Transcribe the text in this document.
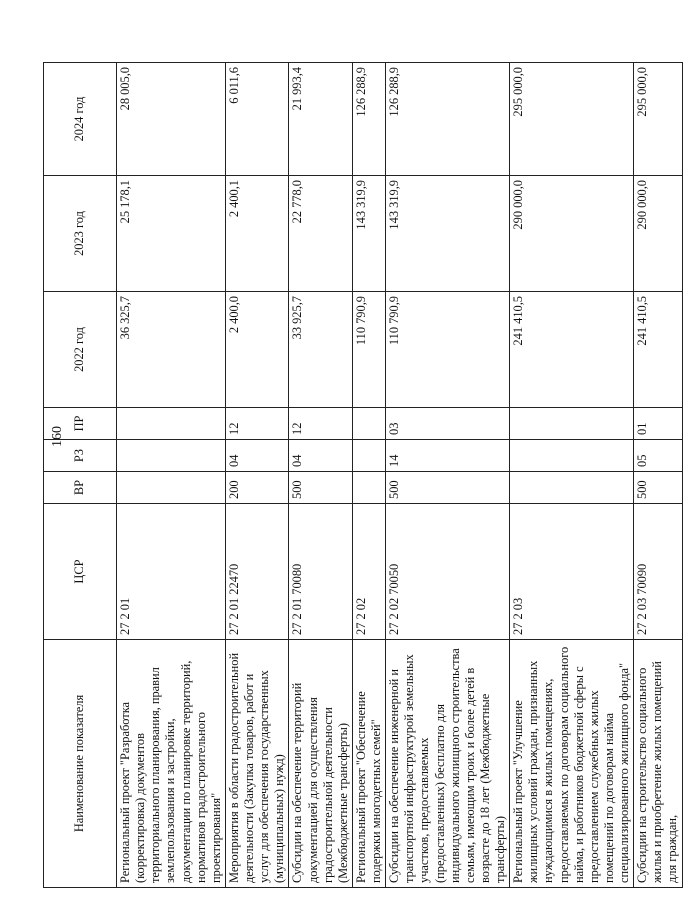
160
Наименование показателя	ЦСР	ВР	РЗ	ПР	2022 год	2023 год	2024 год
Региональный проект "Разработка (корректировка) документов территориального планирования, правил землепользования и застройки, документации по планировке территорий, нормативов градостроительного проектирования"	27 2 01				36 325,7	25 178,1	28 005,0
Мероприятия в области градостроительной деятельности (Закупка товаров, работ и услуг для обеспечения государственных (муниципальных) нужд)	27 2 01 22470	200	04	12	2 400,0	2 400,1	6 011,6
Субсидии на обеспечение территорий документацией для осуществления градостроительной деятельности (Межбюджетные трансферты)	27 2 01 70080	500	04	12	33 925,7	22 778,0	21 993,4
Региональный проект "Обеспечение подержки многодетных семей"	27 2 02				110 790,9	143 319,9	126 288,9
Субсидии на обеспечение инженерной и транспортной инфраструктурой земельных участков, предоставляемых (предоставленных) бесплатно для индивидуального жилищного строительства семьям, имеющим троих и более детей в возрасте до 18 лет (Межбюджетные трансферты)	27 2 02 70050	500	14	03	110 790,9	143 319,9	126 288,9
Региональный проект "Улучшение жилищных условий граждан, признанных нуждающимися в жилых помещениях, предоставляемых по договорам социального найма, и работников бюджетной сферы с предоставлением служебных жилых помещений по договорам найма специализированного жилищного фонда"	27 2 03				241 410,5	290 000,0	295 000,0
Субсидии на строительство социального жилья и приобретение жилых помещений для граждан,	27 2 03 70090	500	05	01	241 410,5	290 000,0	295 000,0
